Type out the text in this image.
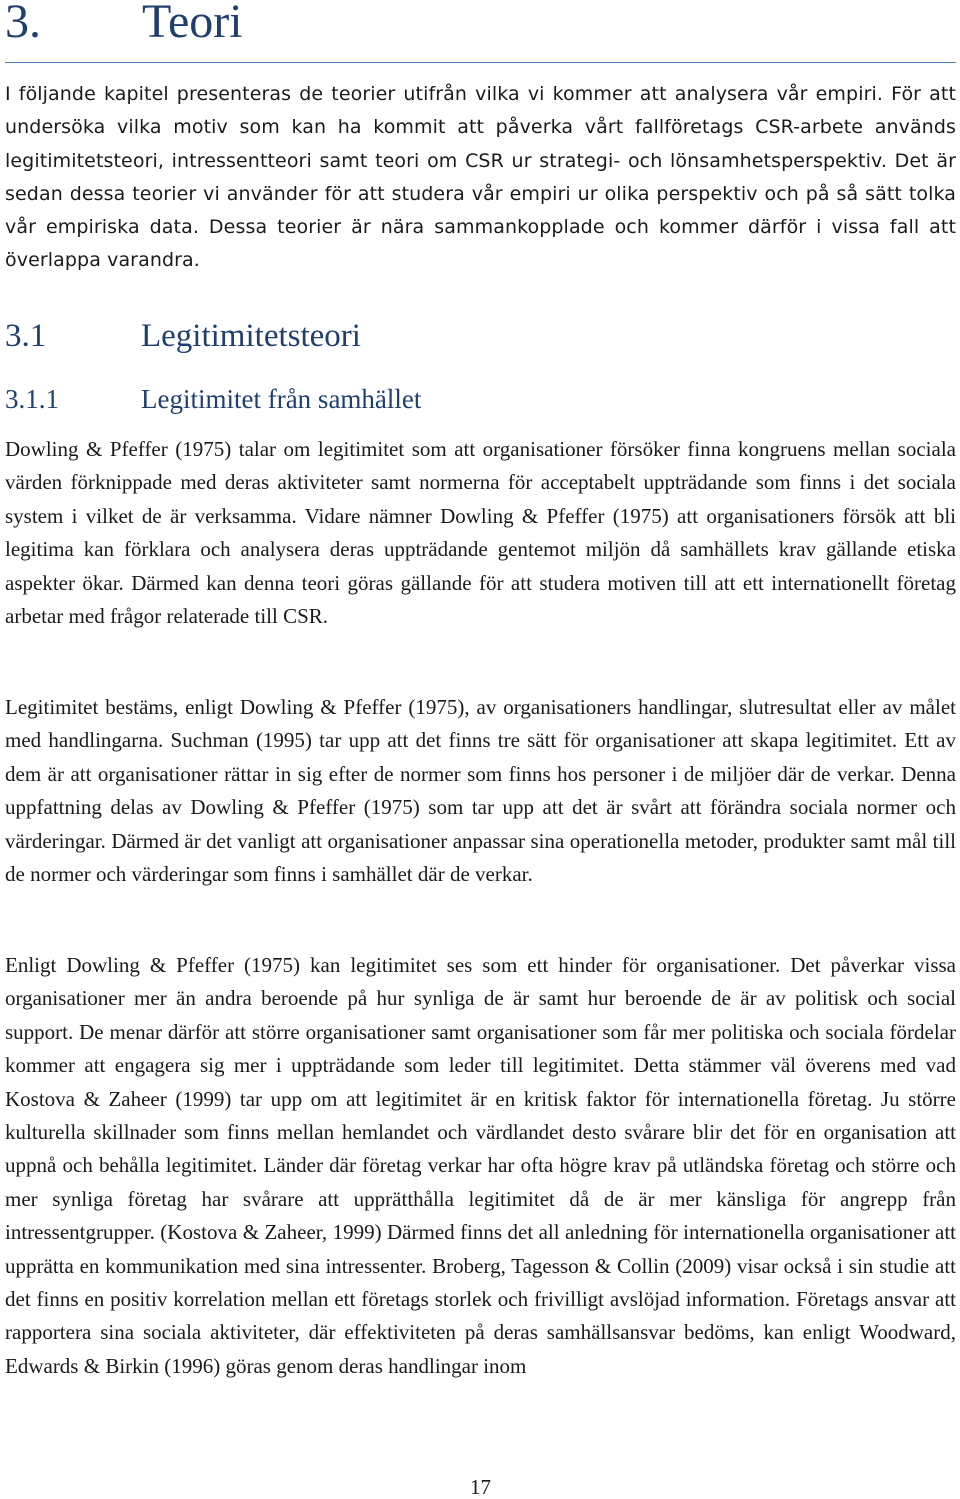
3. Teori

I följande kapitel presenteras de teorier utifrån vilka vi kommer att analysera vår empiri. För att undersöka vilka motiv som kan ha kommit att påverka vårt fallföretags CSR-arbete används legitimitetsteori, intressentteori samt teori om CSR ur strategi- och lönsamhetsperspektiv. Det är sedan dessa teorier vi använder för att studera vår empiri ur olika perspektiv och på så sätt tolka vår empiriska data. Dessa teorier är nära sammankopplade och kommer därför i vissa fall att överlappa varandra.

3.1	Legitimitetsteori
3.1.1	Legitimitet från samhället

Dowling & Pfeffer (1975) talar om legitimitet som att organisationer försöker finna kongruens mellan sociala värden förknippade med deras aktiviteter samt normerna för acceptabelt uppträdande som finns i det sociala system i vilket de är verksamma. Vidare nämner Dowling & Pfeffer (1975) att organisationers försök att bli legitima kan förklara och analysera deras uppträdande gentemot miljön då samhällets krav gällande etiska aspekter ökar. Därmed kan denna teori göras gällande för att studera motiven till att ett internationellt företag arbetar med frågor relaterade till CSR.

Legitimitet bestäms, enligt Dowling & Pfeffer (1975), av organisationers handlingar, slutresultat eller av målet med handlingarna. Suchman (1995) tar upp att det finns tre sätt för organisationer att skapa legitimitet. Ett av dem är att organisationer rättar in sig efter de normer som finns hos personer i de miljöer där de verkar. Denna uppfattning delas av Dowling & Pfeffer (1975) som tar upp att det är svårt att förändra sociala normer och värderingar. Därmed är det vanligt att organisationer anpassar sina operationella metoder, produkter samt mål till de normer och värderingar som finns i samhället där de verkar.

Enligt Dowling & Pfeffer (1975) kan legitimitet ses som ett hinder för organisationer. Det påverkar vissa organisationer mer än andra beroende på hur synliga de är samt hur beroende de är av politisk och social support. De menar därför att större organisationer samt organisationer som får mer politiska och sociala fördelar kommer att engagera sig mer i uppträdande som leder till legitimitet. Detta stämmer väl överens med vad Kostova & Zaheer (1999) tar upp om att legitimitet är en kritisk faktor för internationella företag. Ju större kulturella skillnader som finns mellan hemlandet och värdlandet desto svårare blir det för en organisation att uppnå och behålla legitimitet. Länder där företag verkar har ofta högre krav på utländska företag och större och mer synliga företag har svårare att upprätthålla legitimitet då de är mer känsliga för angrepp från intressentgrupper. (Kostova & Zaheer, 1999) Därmed finns det all anledning för internationella organisationer att upprätta en kommunikation med sina intressenter. Broberg, Tagesson & Collin (2009) visar också i sin studie att det finns en positiv korrelation mellan ett företags storlek och frivilligt avslöjad information. Företags ansvar att rapportera sina sociala aktiviteter, där effektiviteten på deras samhällsansvar bedöms, kan enligt Woodward, Edwards & Birkin (1996) göras genom deras handlingar inom

17
